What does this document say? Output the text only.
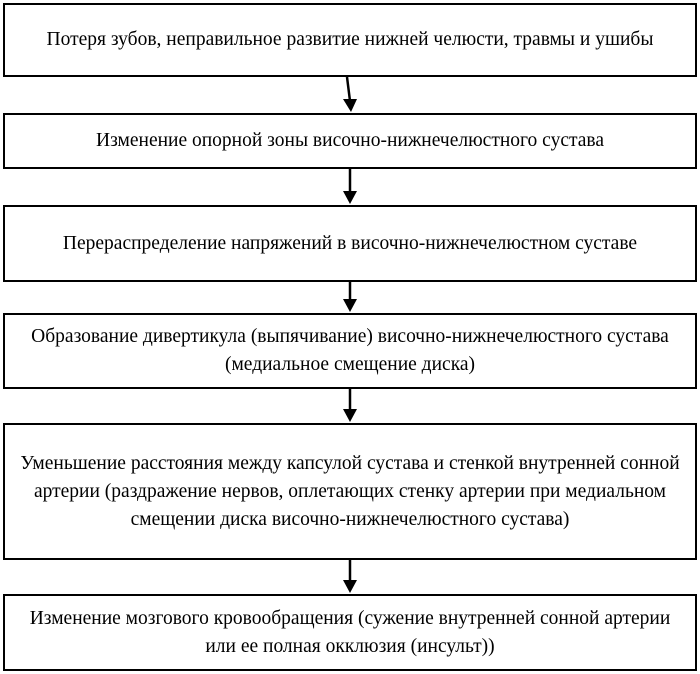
Потеря зубов, неправильное развитие нижней челюсти, травмы и ушибы
Изменение опорной зоны височно-нижнечелюстного сустава
Перераспределение напряжений в височно-нижнечелюстном суставе
Образование дивертикула (выпячивание) височно-нижнечелюстного сустава (медиальное смещение диска)
Уменьшение расстояния между капсулой сустава и стенкой внутренней сонной артерии (раздражение нервов, оплетающих стенку артерии при медиальном смещении диска височно-нижнечелюстного сустава)
Изменение мозгового кровообращения (сужение внутренней сонной артерии или ее полная окклюзия (инсульт))
